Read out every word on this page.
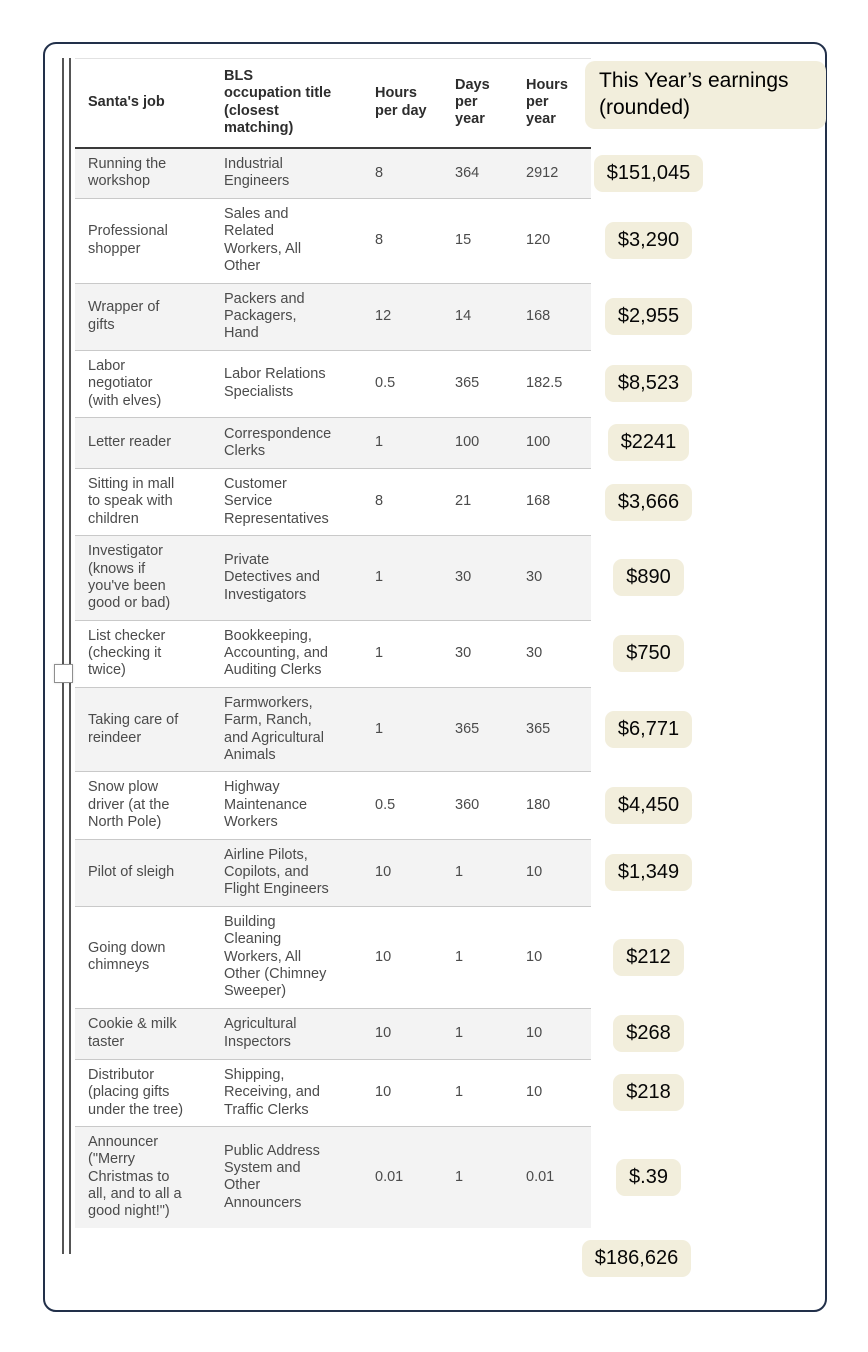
Santa's job	BLS occupation title (closest matching)	Hours per day	Days per year	Hours per year	This Year’s earnings (rounded)

Running the workshop	Industrial Engineers	8	364	2912	$151,045
Professional shopper	Sales and Related Workers, All Other	8	15	120	$3,290
Wrapper of gifts	Packers and Packagers, Hand	12	14	168	$2,955
Labor negotiator (with elves)	Labor Relations Specialists	0.5	365	182.5	$8,523
Letter reader	Correspondence Clerks	1	100	100	$2241
Sitting in mall to speak with children	Customer Service Representatives	8	21	168	$3,666
Investigator (knows if you've been good or bad)	Private Detectives and Investigators	1	30	30	$890
List checker (checking it twice)	Bookkeeping, Accounting, and Auditing Clerks	1	30	30	$750
Taking care of reindeer	Farmworkers, Farm, Ranch, and Agricultural Animals	1	365	365	$6,771
Snow plow driver (at the North Pole)	Highway Maintenance Workers	0.5	360	180	$4,450
Pilot of sleigh	Airline Pilots, Copilots, and Flight Engineers	10	1	10	$1,349
Going down chimneys	Building Cleaning Workers, All Other (Chimney Sweeper)	10	1	10	$212
Cookie & milk taster	Agricultural Inspectors	10	1	10	$268
Distributor (placing gifts under the tree)	Shipping, Receiving, and Traffic Clerks	10	1	10	$218
Announcer ("Merry Christmas to all, and to all a good night!")	Public Address System and Other Announcers	0.01	1	0.01	$.39
					$186,626
